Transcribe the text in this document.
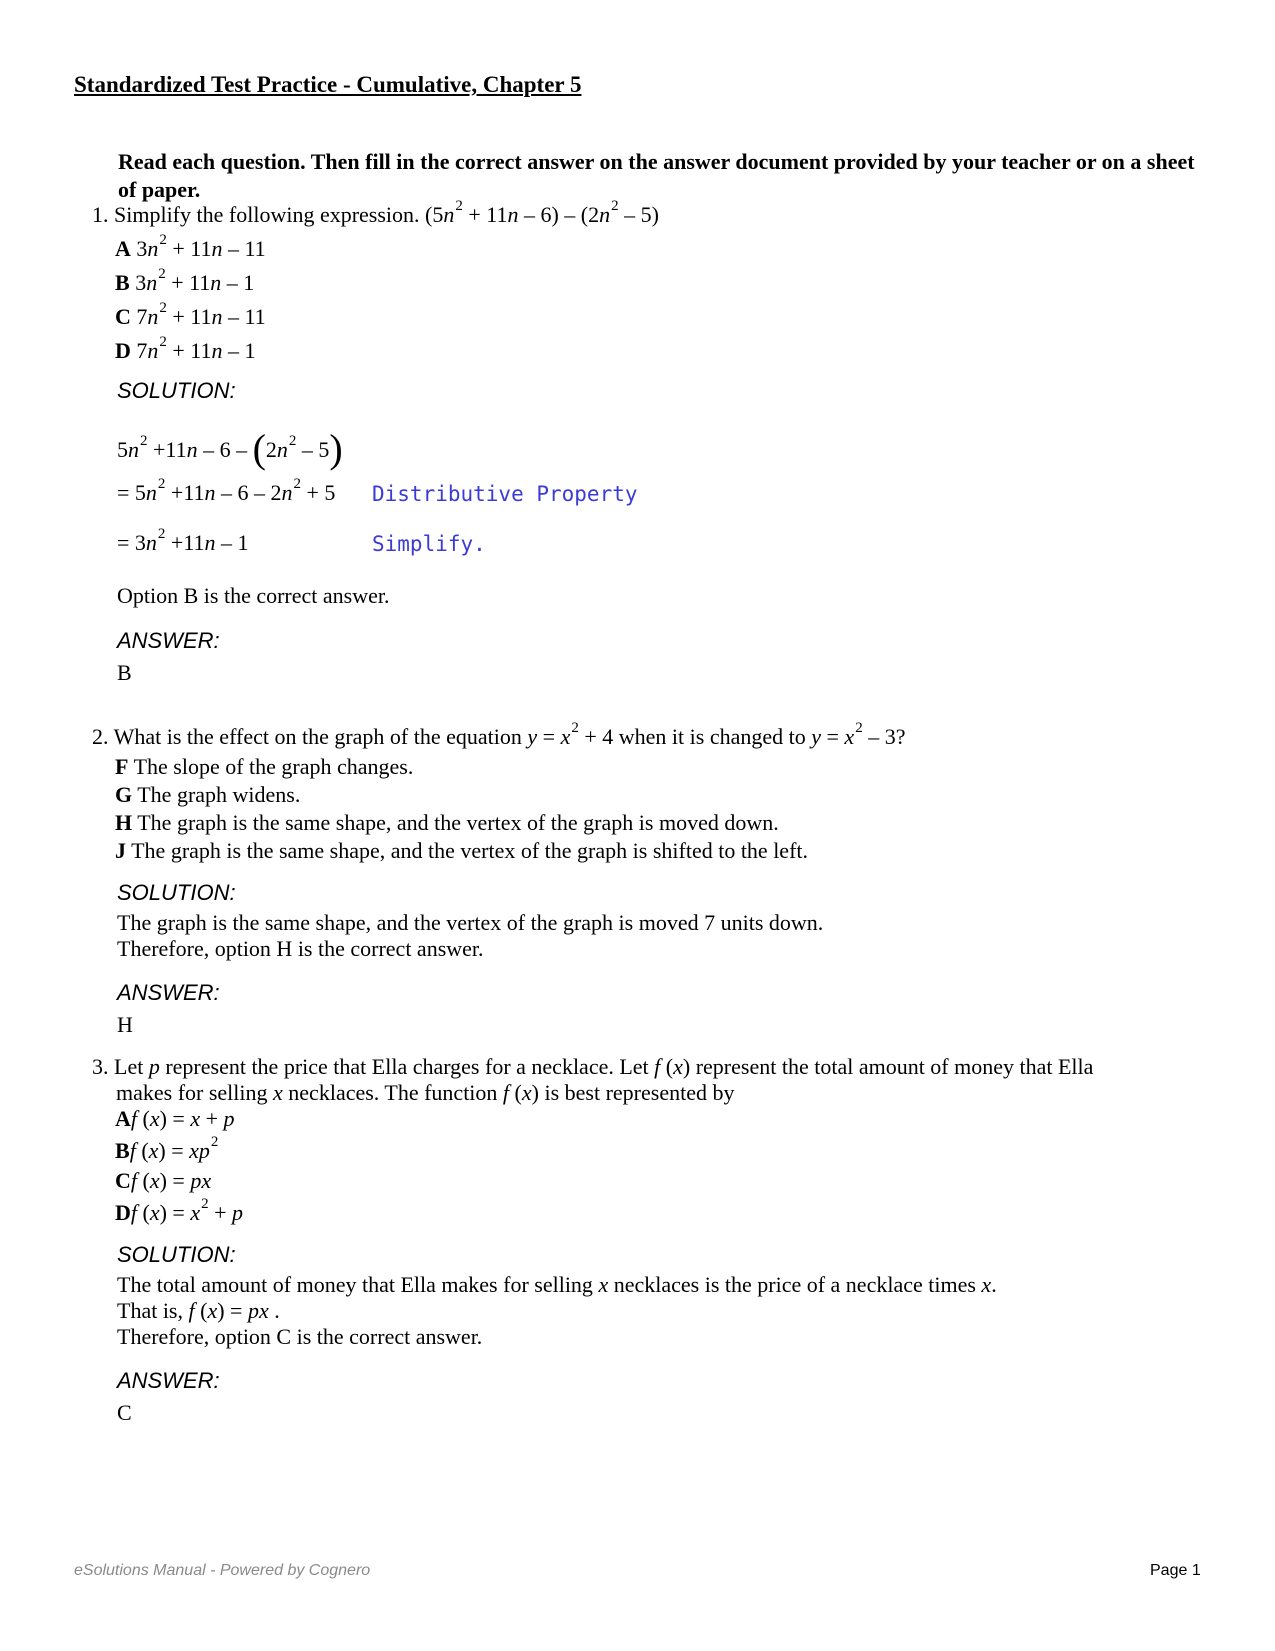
Standardized Test Practice - Cumulative, Chapter 5
Read each question. Then fill in the correct answer on the answer document provided by your teacher or on a sheet of paper.
1. Simplify the following expression. $(5n^2 + 11n - 6) - (2n^2 - 5)$
A $3n^2 + 11n - 11$
B $3n^2 + 11n - 1$
C $7n^2 + 11n - 11$
D $7n^2 + 11n - 1$
SOLUTION:
$5n^2 +11n - 6 - (2n^2 - 5)$
= $5n^2 +11n - 6 - 2n^2 + 5$ Distributive Property
= $3n^2 +11n - 1$	Simplify.
Option B is the correct answer.
ANSWER:
B
2. What is the effect on the graph of the equation $y = x^2 + 4$ when it is changed to $y = x^2 - 3$?
F The slope of the graph changes.
G The graph widens.
H The graph is the same shape, and the vertex of the graph is moved down.
J The graph is the same shape, and the vertex of the graph is shifted to the left.
SOLUTION:
The graph is the same shape, and the vertex of the graph is moved 7 units down.
Therefore, option H is the correct answer.
ANSWER:
H
3. Let p represent the price that Ella charges for a necklace. Let f (x) represent the total amount of money that Ella
makes for selling x necklaces. The function f (x) is best represented by
Af (x) = x + p
Bf $(x) = xp^2$
Cf (x) = px
Df $(x) = x^2 + p$
SOLUTION:
The total amount of money that Ella makes for selling x necklaces is the price of a necklace times x.
That is, f (x) = px .
Therefore, option C is the correct answer.
ANSWER:
C
eSolutions Manual - Powered by Cognero	Page 1
